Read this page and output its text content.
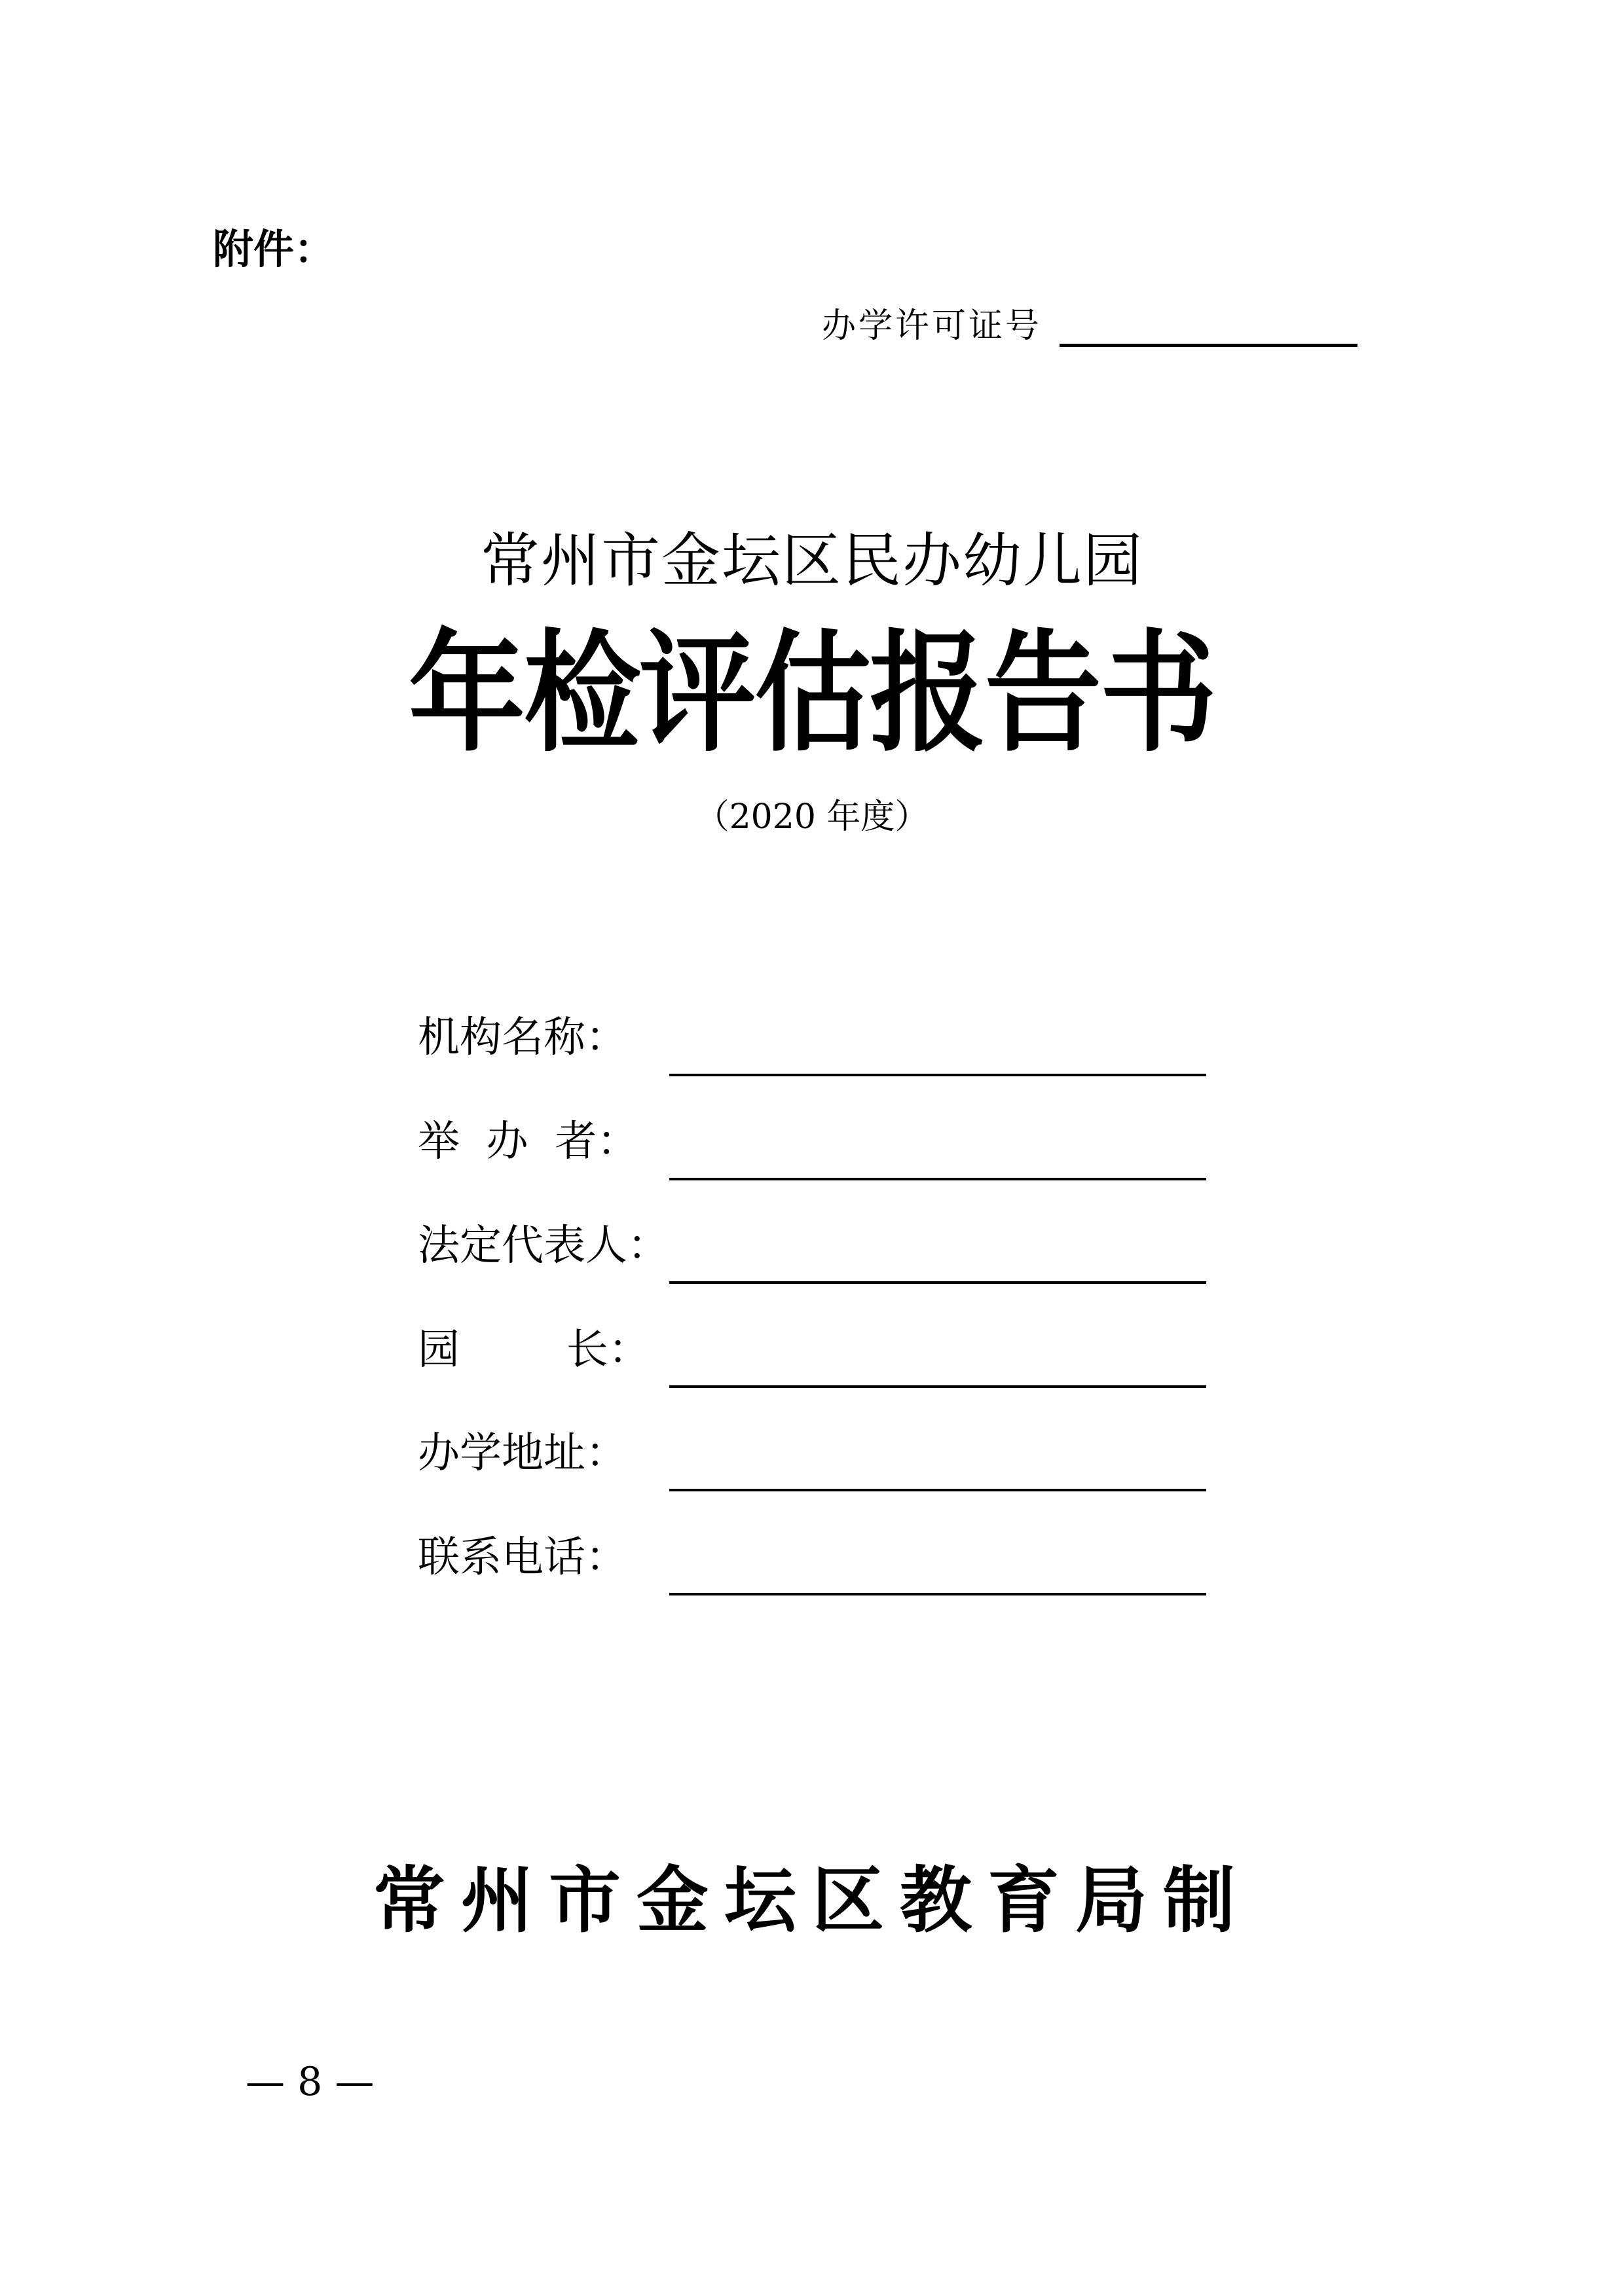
附件：
办学许可证号
常州市金坛区民办幼儿园
年检评估报告书
（2020 年度）
机构名称：
举  办  者：
法定代表人：
园        长：
办学地址：
联系电话：
常州市金坛区教育局制
— 8 —
